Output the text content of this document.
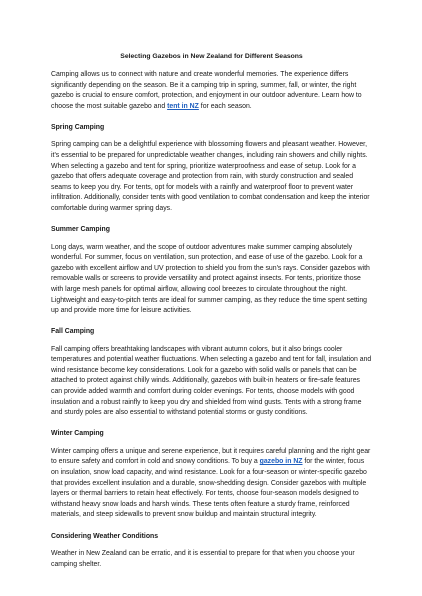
Selecting Gazebos in New Zealand for Different Seasons

Camping allows us to connect with nature and create wonderful memories. The experience differs significantly depending on the season. Be it a camping trip in spring, summer, fall, or winter, the right gazebo is crucial to ensure comfort, protection, and enjoyment in our outdoor adventure. Learn how to choose the most suitable gazebo and tent in NZ for each season.

Spring Camping

Spring camping can be a delightful experience with blossoming flowers and pleasant weather. However, it's essential to be prepared for unpredictable weather changes, including rain showers and chilly nights. When selecting a gazebo and tent for spring, prioritize waterproofness and ease of setup. Look for a gazebo that offers adequate coverage and protection from rain, with sturdy construction and sealed seams to keep you dry. For tents, opt for models with a rainfly and waterproof floor to prevent water infiltration. Additionally, consider tents with good ventilation to combat condensation and keep the interior comfortable during warmer spring days.

Summer Camping

Long days, warm weather, and the scope of outdoor adventures make summer camping absolutely wonderful. For summer, focus on ventilation, sun protection, and ease of use of the gazebo. Look for a gazebo with excellent airflow and UV protection to shield you from the sun's rays. Consider gazebos with removable walls or screens to provide versatility and protect against insects. For tents, prioritize those with large mesh panels for optimal airflow, allowing cool breezes to circulate throughout the night. Lightweight and easy-to-pitch tents are ideal for summer camping, as they reduce the time spent setting up and provide more time for leisure activities.

Fall Camping

Fall camping offers breathtaking landscapes with vibrant autumn colors, but it also brings cooler temperatures and potential weather fluctuations. When selecting a gazebo and tent for fall, insulation and wind resistance become key considerations. Look for a gazebo with solid walls or panels that can be attached to protect against chilly winds. Additionally, gazebos with built-in heaters or fire-safe features can provide added warmth and comfort during colder evenings. For tents, choose models with good insulation and a robust rainfly to keep you dry and shielded from wind gusts. Tents with a strong frame and sturdy poles are also essential to withstand potential storms or gusty conditions.

Winter Camping

Winter camping offers a unique and serene experience, but it requires careful planning and the right gear to ensure safety and comfort in cold and snowy conditions. To buy a gazebo in NZ for the winter, focus on insulation, snow load capacity, and wind resistance. Look for a four-season or winter-specific gazebo that provides excellent insulation and a durable, snow-shedding design. Consider gazebos with multiple layers or thermal barriers to retain heat effectively. For tents, choose four-season models designed to withstand heavy snow loads and harsh winds. These tents often feature a sturdy frame, reinforced materials, and steep sidewalls to prevent snow buildup and maintain structural integrity.

Considering Weather Conditions

Weather in New Zealand can be erratic, and it is essential to prepare for that when you choose your camping shelter.
